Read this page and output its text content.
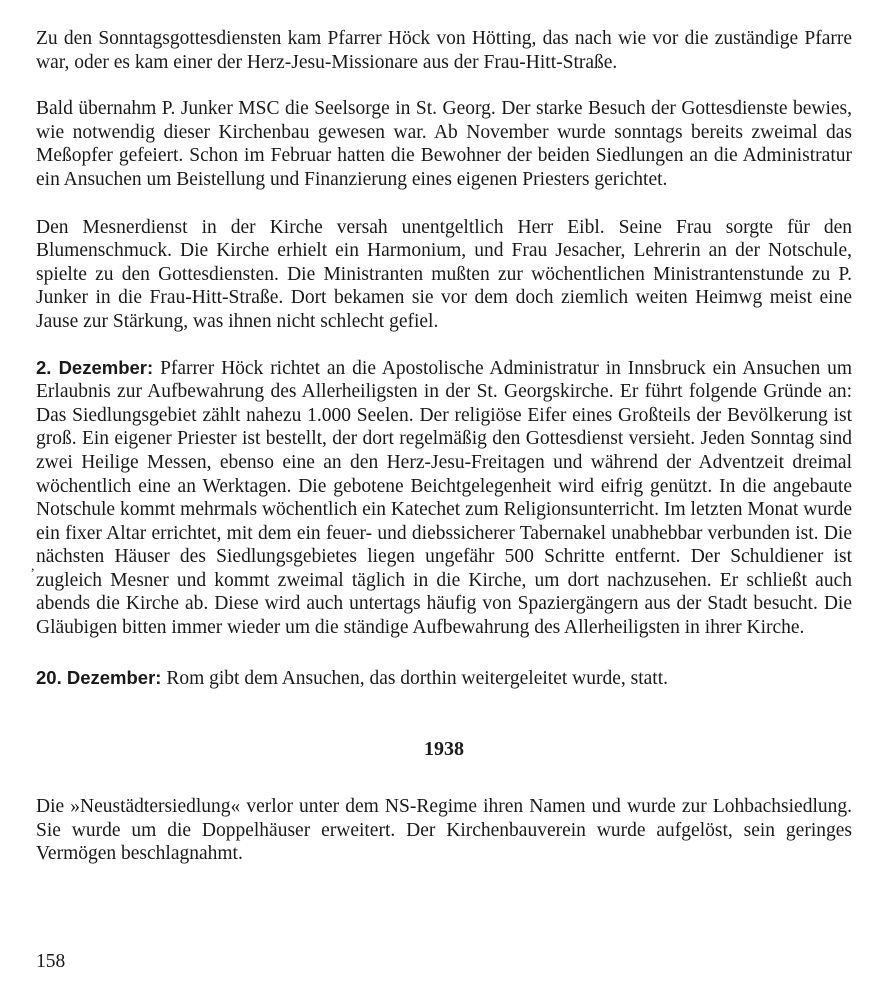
Zu den Sonntagsgottesdiensten kam Pfarrer Höck von Hötting, das nach wie vor die zuständige Pfarre war, oder es kam einer der Herz-Jesu-Missionare aus der Frau-Hitt-Straße.

Bald übernahm P. Junker MSC die Seelsorge in St. Georg. Der starke Besuch der Gottesdienste bewies, wie notwendig dieser Kirchenbau gewesen war. Ab November wurde sonntags bereits zweimal das Meßopfer gefeiert. Schon im Februar hatten die Bewohner der beiden Siedlungen an die Administratur ein Ansuchen um Beistellung und Finanzierung eines eigenen Priesters gerichtet.

Den Mesnerdienst in der Kirche versah unentgeltlich Herr Eibl. Seine Frau sorgte für den Blumenschmuck. Die Kirche erhielt ein Harmonium, und Frau Jesacher, Lehrerin an der Notschule, spielte zu den Gottesdiensten. Die Ministranten mußten zur wöchentlichen Ministrantenstunde zu P. Junker in die Frau-Hitt-Straße. Dort bekamen sie vor dem doch ziemlich weiten Heimwg meist eine Jause zur Stärkung, was ihnen nicht schlecht gefiel.

2. Dezember: Pfarrer Höck richtet an die Apostolische Administratur in Innsbruck ein Ansuchen um Erlaubnis zur Aufbewahrung des Allerheiligsten in der St. Georgskirche. Er führt folgende Gründe an: Das Siedlungsgebiet zählt nahezu 1.000 Seelen. Der religiöse Eifer eines Großteils der Bevölkerung ist groß. Ein eigener Priester ist bestellt, der dort regelmäßig den Gottesdienst versieht. Jeden Sonntag sind zwei Heilige Messen, ebenso eine an den Herz-Jesu-Freitagen und während der Adventzeit dreimal wöchentlich eine an Werktagen. Die gebotene Beichtgelegenheit wird eifrig genützt. In die angebaute Notschule kommt mehrmals wöchentlich ein Katechet zum Religionsunterricht. Im letzten Monat wurde ein fixer Altar errichtet, mit dem ein feuer- und diebssicherer Tabernakel unabhebbar verbunden ist. Die nächsten Häuser des Siedlungsgebietes liegen ungefähr 500 Schritte entfernt. Der Schuldiener ist zugleich Mesner und kommt zweimal täglich in die Kirche, um dort nachzusehen. Er schließt auch abends die Kirche ab. Diese wird auch untertags häufig von Spaziergängern aus der Stadt besucht. Die Gläubigen bitten immer wieder um die ständige Aufbewahrung des Allerheiligsten in ihrer Kirche.

20. Dezember: Rom gibt dem Ansuchen, das dorthin weitergeleitet wurde, statt.

1938

Die »Neustädtersiedlung« verlor unter dem NS-Regime ihren Namen und wurde zur Lohbachsiedlung. Sie wurde um die Doppelhäuser erweitert. Der Kirchenbauverein wurde aufgelöst, sein geringes Vermögen beschlagnahmt.

,
158
